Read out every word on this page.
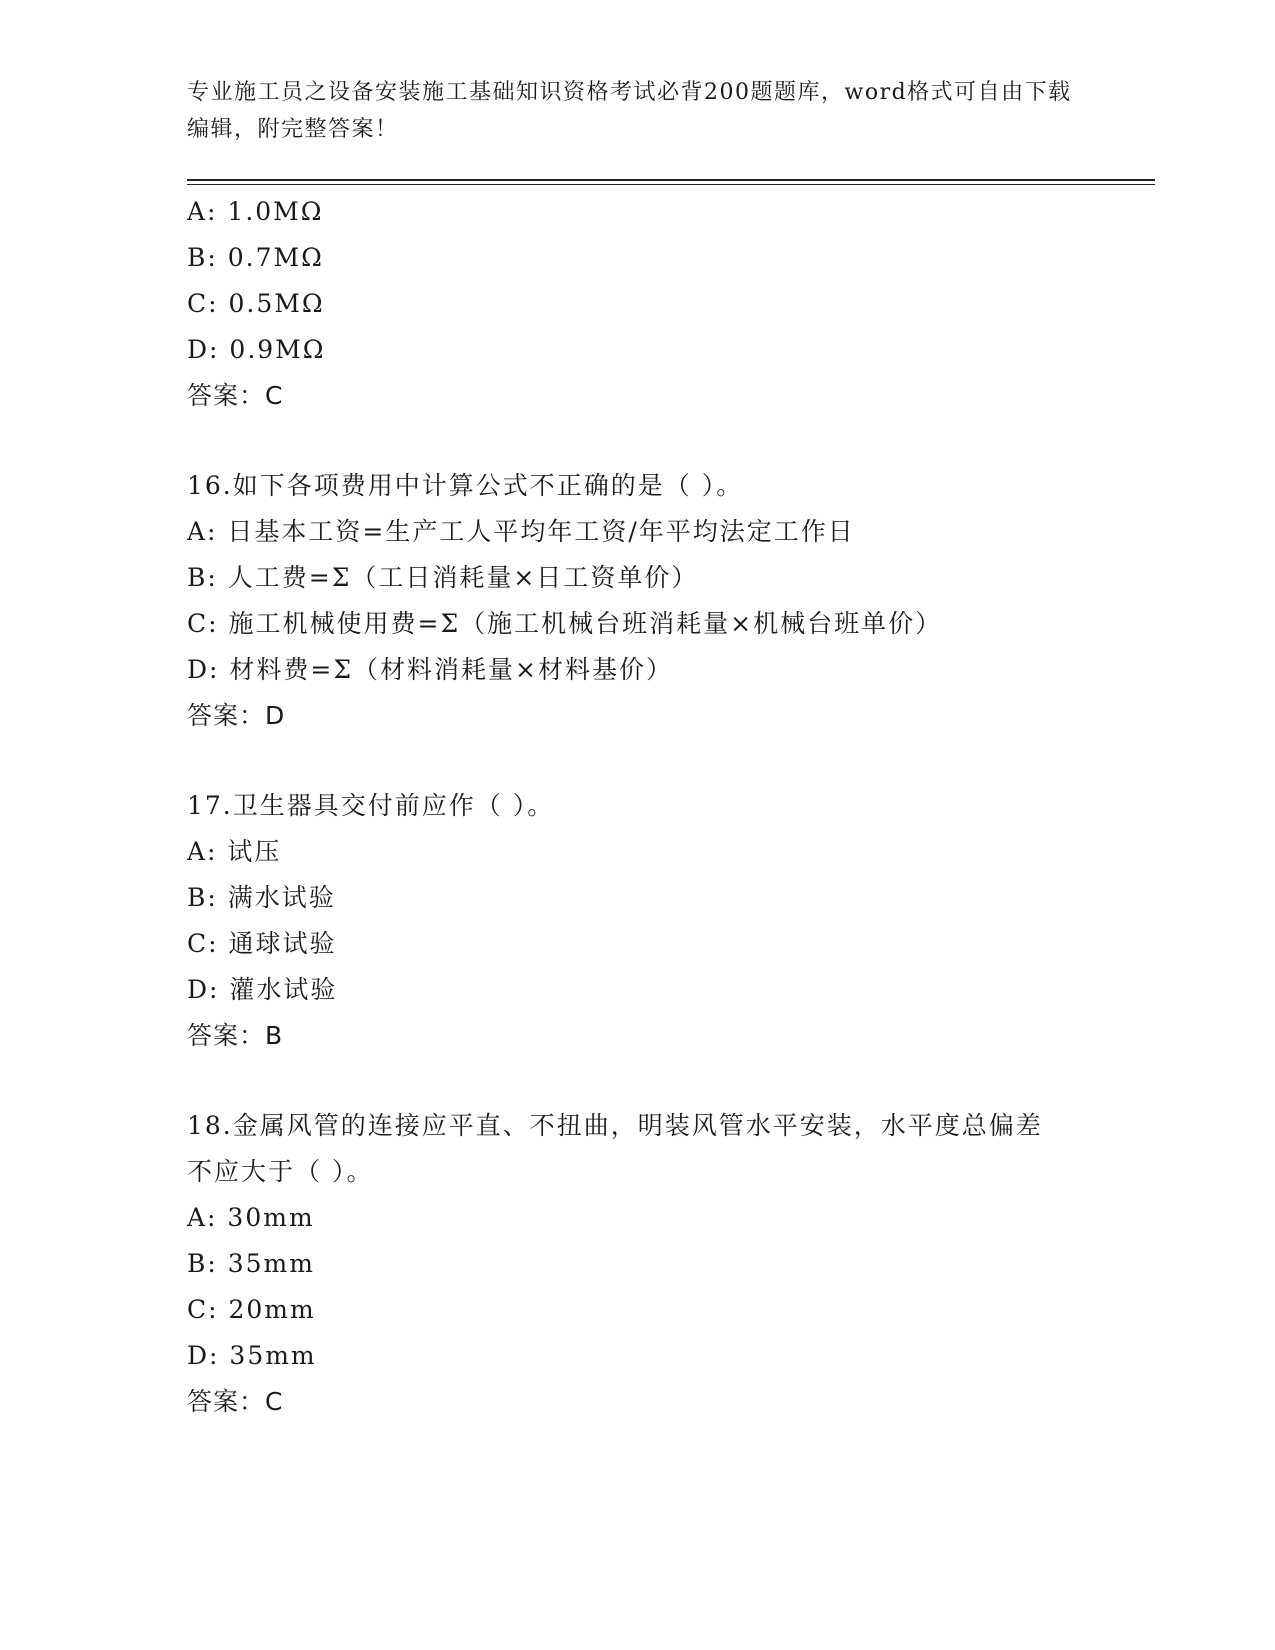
专业施工员之设备安装施工基础知识资格考试必背200题题库，word格式可自由下载编辑，附完整答案！
A: 1.0MΩ
B: 0.7MΩ
C: 0.5MΩ
D: 0.9MΩ
答案：C
16.如下各项费用中计算公式不正确的是（ ）。
A: 日基本工资=生产工人平均年工资/年平均法定工作日
B: 人工费=Σ（工日消耗量×日工资单价）
C: 施工机械使用费=Σ（施工机械台班消耗量×机械台班单价）
D: 材料费=Σ（材料消耗量×材料基价）
答案：D
17.卫生器具交付前应作（ ）。
A: 试压
B: 满水试验
C: 通球试验
D: 灌水试验
答案：B
18.金属风管的连接应平直、不扭曲，明装风管水平安装，水平度总偏差不应大于（ ）。
A: 30mm
B: 35mm
C: 20mm
D: 35mm
答案：C
